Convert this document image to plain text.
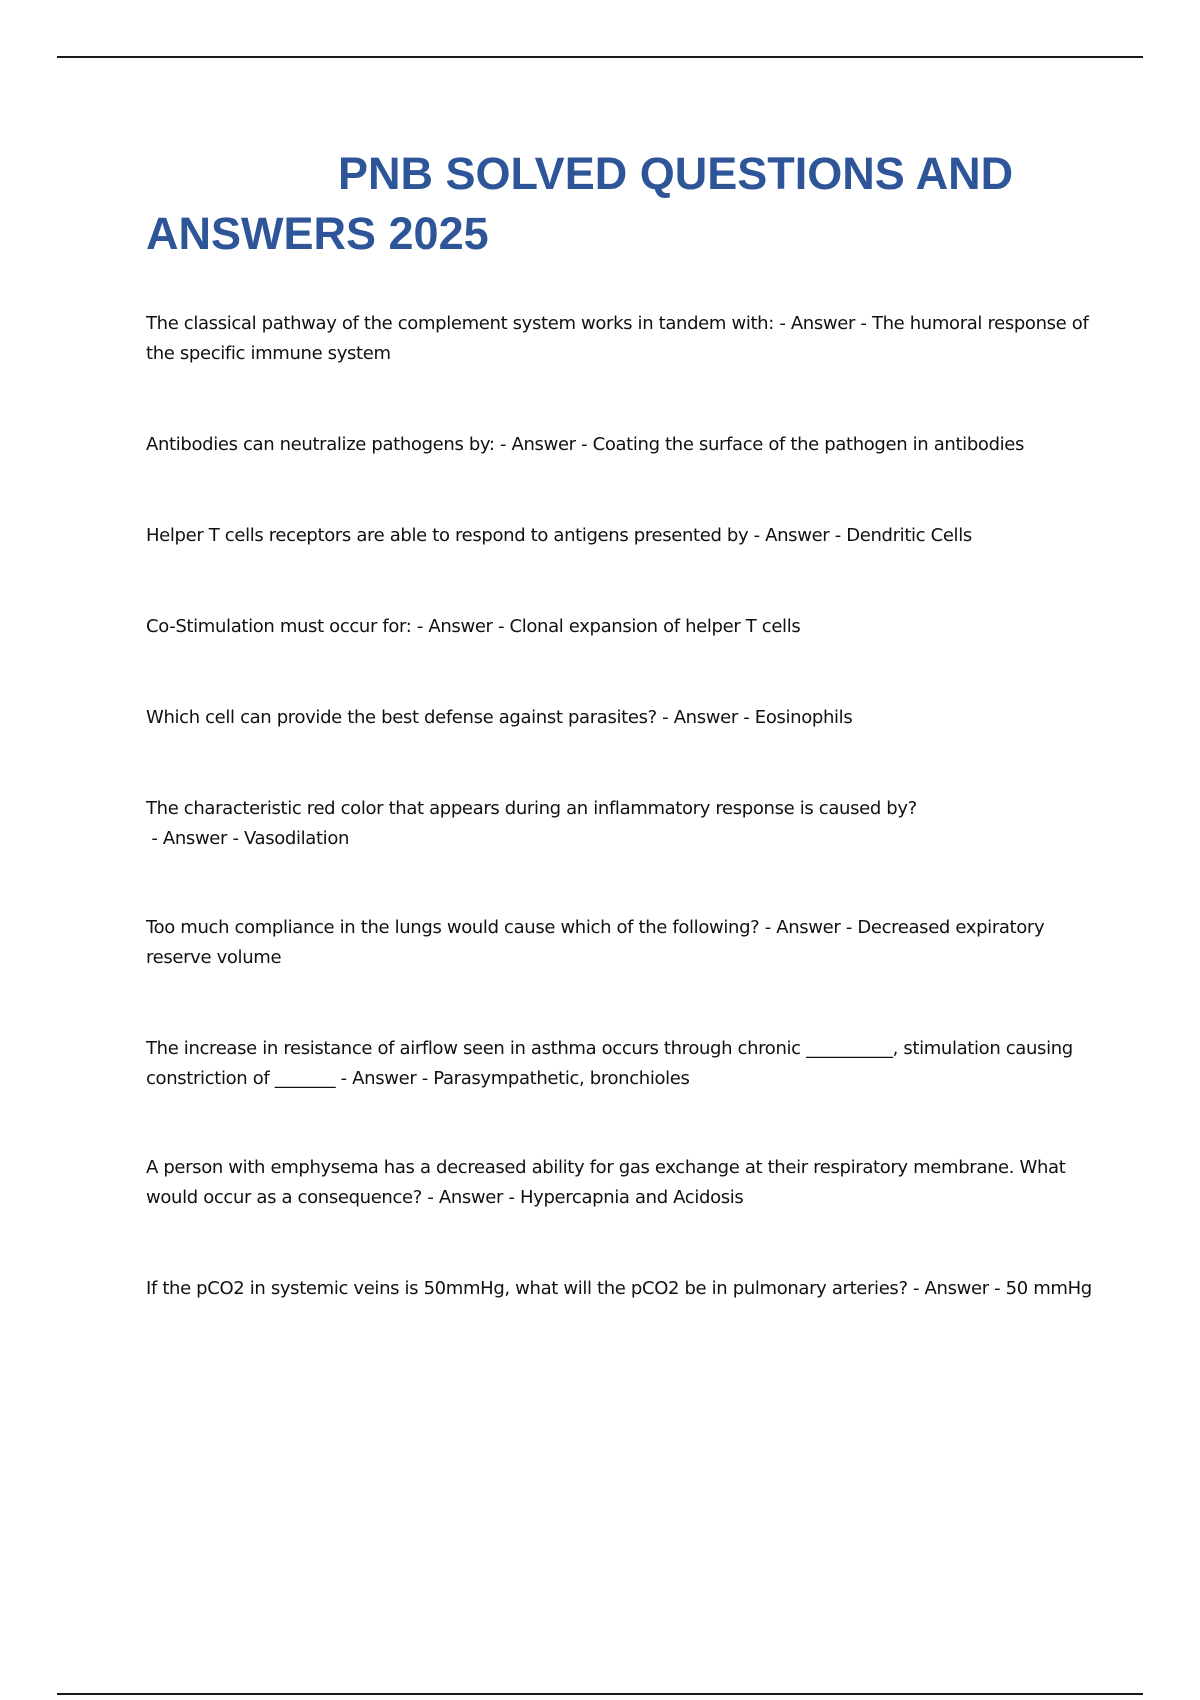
PNB SOLVED QUESTIONS AND ANSWERS 2025
The classical pathway of the complement system works in tandem with: - Answer - The humoral response of the specific immune system
Antibodies can neutralize pathogens by: - Answer - Coating the surface of the pathogen in antibodies
Helper T cells receptors are able to respond to antigens presented by - Answer - Dendritic Cells
Co-Stimulation must occur for: - Answer - Clonal expansion of helper T cells
Which cell can provide the best defense against parasites? - Answer - Eosinophils
The characteristic red color that appears during an inflammatory response is caused by? - Answer - Vasodilation
Too much compliance in the lungs would cause which of the following? - Answer - Decreased expiratory reserve volume
The increase in resistance of airflow seen in asthma occurs through chronic __________, stimulation causing constriction of _______ - Answer - Parasympathetic, bronchioles
A person with emphysema has a decreased ability for gas exchange at their respiratory membrane. What would occur as a consequence? - Answer - Hypercapnia and Acidosis
If the pCO2 in systemic veins is 50mmHg, what will the pCO2 be in pulmonary arteries? - Answer - 50 mmHg
